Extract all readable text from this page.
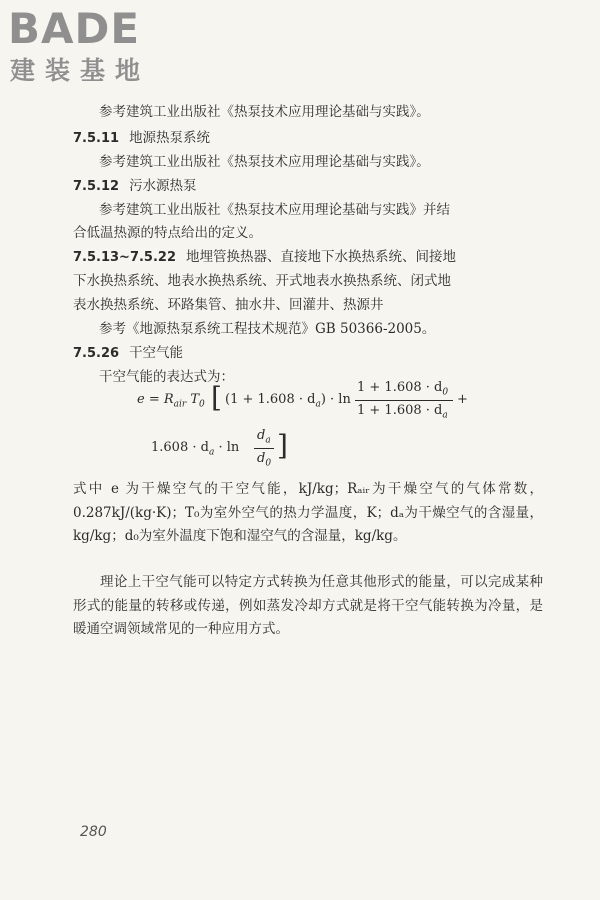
BADE
建装基地
参考建筑工业出版社《热泵技术应用理论基础与实践》。
7.5.11 地源热泵系统
参考建筑工业出版社《热泵技术应用理论基础与实践》。
7.5.12 污水源热泵
参考建筑工业出版社《热泵技术应用理论基础与实践》并结
合低温热源的特点给出的定义。
7.5.13~7.5.22 地埋管换热器、直接地下水换热系统、间接地
下水换热系统、地表水换热系统、开式地表水换热系统、闭式地
表水换热系统、环路集管、抽水井、回灌井、热源井
参考《地源热泵系统工程技术规范》GB 50366-2005。
7.5.26 干空气能
干空气能的表达式为：
$e = R_{air}$ $T_0$ [ $(1 + 1.608 \cdot d_a) \cdot \ln$
$1 + 1.608 \cdot d_0$
$1 + 1.608 \cdot d_a$
+
$1.608 \cdot d_a \cdot \ln$
$d_a$
$d_0$
]
式中 e 为干燥空气的干空气能，kJ/kg；Rₐᵢᵣ为干燥空气的气体常数，0.287kJ/(kg·K)；T₀为室外空气的热力学温度，K；dₐ为干燥空气的含湿量，kg/kg；d₀为室外温度下饱和湿空气的含湿量，kg/kg。
理论上干空气能可以特定方式转换为任意其他形式的能量，可以完成某种形式的能量的转移或传递，例如蒸发冷却方式就是将干空气能转换为冷量，是暖通空调领域常见的一种应用方式。
280
